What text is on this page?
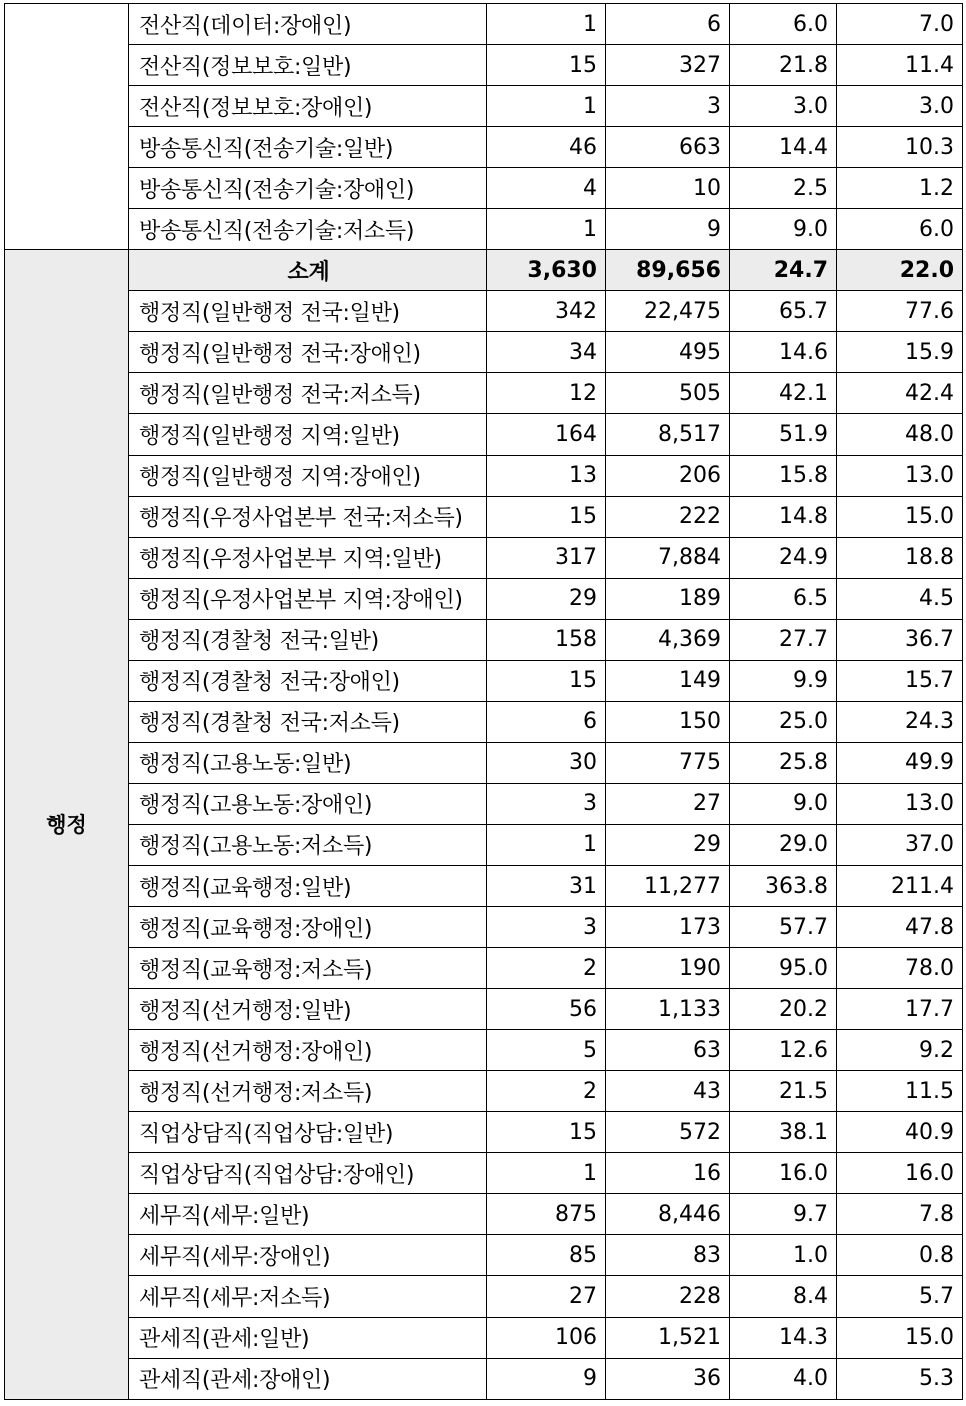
	전산직(데이터:장애인)	1	6	6.0	7.0
	전산직(정보보호:일반)	15	327	21.8	11.4
	전산직(정보보호:장애인)	1	3	3.0	3.0
	방송통신직(전송기술:일반)	46	663	14.4	10.3
	방송통신직(전송기술:장애인)	4	10	2.5	1.2
	방송통신직(전송기술:저소득)	1	9	9.0	6.0
행정	소계	3,630	89,656	24.7	22.0
	행정직(일반행정 전국:일반)	342	22,475	65.7	77.6
	행정직(일반행정 전국:장애인)	34	495	14.6	15.9
	행정직(일반행정 전국:저소득)	12	505	42.1	42.4
	행정직(일반행정 지역:일반)	164	8,517	51.9	48.0
	행정직(일반행정 지역:장애인)	13	206	15.8	13.0
	행정직(우정사업본부 전국:저소득)	15	222	14.8	15.0
	행정직(우정사업본부 지역:일반)	317	7,884	24.9	18.8
	행정직(우정사업본부 지역:장애인)	29	189	6.5	4.5
	행정직(경찰청 전국:일반)	158	4,369	27.7	36.7
	행정직(경찰청 전국:장애인)	15	149	9.9	15.7
	행정직(경찰청 전국:저소득)	6	150	25.0	24.3
	행정직(고용노동:일반)	30	775	25.8	49.9
	행정직(고용노동:장애인)	3	27	9.0	13.0
	행정직(고용노동:저소득)	1	29	29.0	37.0
	행정직(교육행정:일반)	31	11,277	363.8	211.4
	행정직(교육행정:장애인)	3	173	57.7	47.8
	행정직(교육행정:저소득)	2	190	95.0	78.0
	행정직(선거행정:일반)	56	1,133	20.2	17.7
	행정직(선거행정:장애인)	5	63	12.6	9.2
	행정직(선거행정:저소득)	2	43	21.5	11.5
	직업상담직(직업상담:일반)	15	572	38.1	40.9
	직업상담직(직업상담:장애인)	1	16	16.0	16.0
	세무직(세무:일반)	875	8,446	9.7	7.8
	세무직(세무:장애인)	85	83	1.0	0.8
	세무직(세무:저소득)	27	228	8.4	5.7
	관세직(관세:일반)	106	1,521	14.3	15.0
	관세직(관세:장애인)	9	36	4.0	5.3
